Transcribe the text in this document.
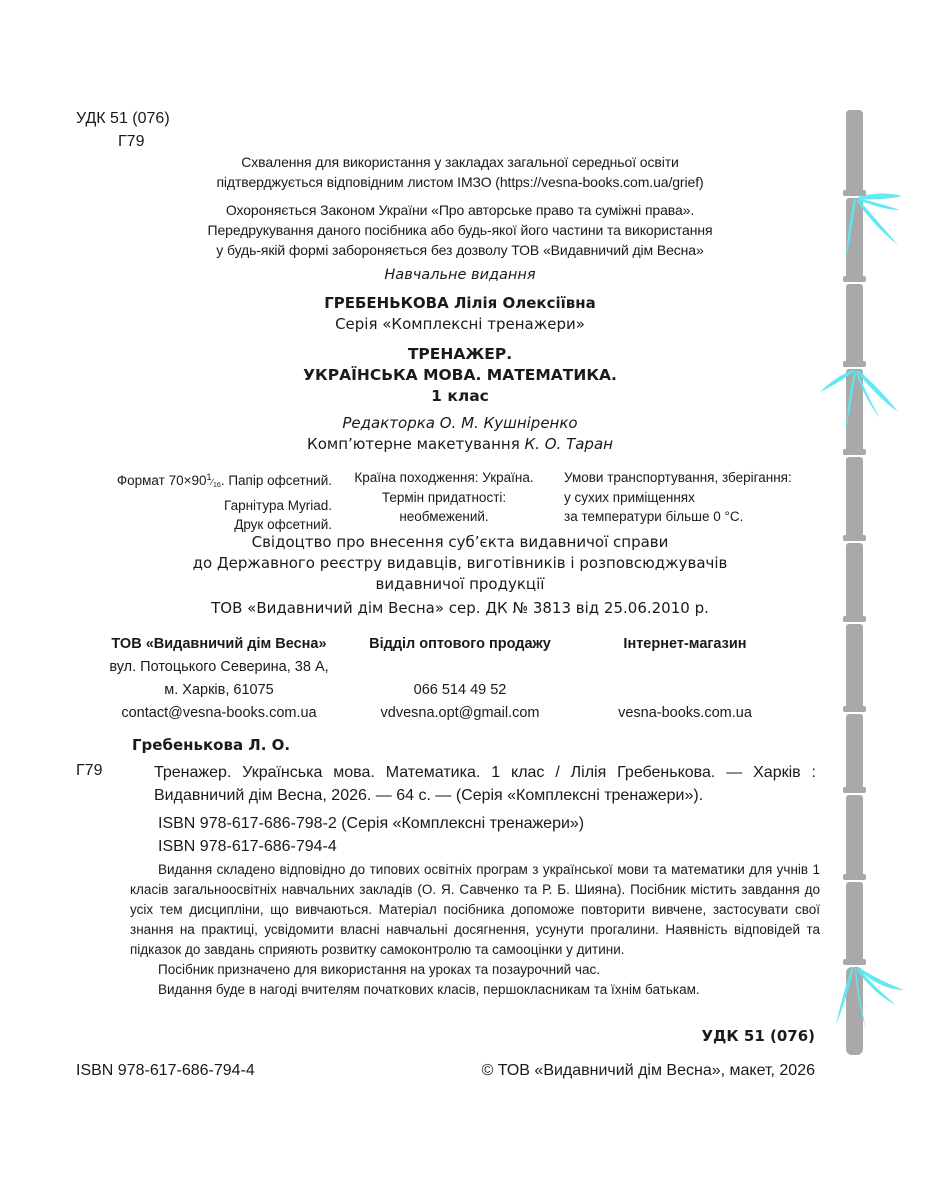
УДК 51 (076)
Г79
Схвалення для використання у закладах загальної середньої освіти
підтверджується відповідним листом ІМЗО (https://vesna-books.com.ua/grief)
Охороняється Законом України «Про авторське право та суміжні права».
Передрукування даного посібника або будь-якої його частини та використання
у будь-якій формі забороняється без дозволу ТОВ «Видавничий дім Весна»
Навчальне видання
ГРЕБЕНЬКОВА Лілія Олексіївна
Серія «Комплексні тренажери»
ТРЕНАЖЕР.
УКРАЇНСЬКА МОВА. МАТЕМАТИКА.
1 клас
Редакторка О. М. Кушніренко
Комп’ютерне макетування К. О. Таран
Формат $70\times 90^1⁄_{16}$. Папір офсетний.
Гарнітура Myriad.
Друк офсетний.
Країна походження: Україна.
Термін придатності:
необмежений.
Умови транспортування, зберігання:
у сухих приміщеннях
за температури більше 0 °С.
Свідоцтво про внесення суб’єкта видавничої справи
до Державного реєстру видавців, виготівників і розповсюджувачів
видавничої продукції
ТОВ «Видавничий дім Весна» сер. ДК № 3813 від 25.06.2010 р.
ТОВ «Видавничий дім Весна»
вул. Потоцького Северина, 38 А,
м. Харків, 61075
contact@vesna-books.com.ua
Відділ оптового продажу

066 514 49 52
vdvesna.opt@gmail.com
Інтернет-магазин

vesna-books.com.ua
Гребенькова Л. О.
Г79	Тренажер. Українська мова. Математика. 1 клас / Лілія Гребенькова. — Харків : Видавничий дім Весна, 2026. — 64 с. — (Серія «Комплексні тренажери»).
ISBN 978-617-686-798-2 (Серія «Комплексні тренажери»)
ISBN 978-617-686-794-4

Видання складено відповідно до типових освітніх програм з української мови та математики для учнів 1 класів загальноосвітніх навчальних закладів (О. Я. Савченко та Р. Б. Шияна). Посібник містить завдання до усіх тем дисципліни, що вивчаються. Матеріал посібника допоможе повторити вивчене, застосувати свої знання на практиці, усвідомити власні навчальні досягнення, усунути прогалини. Наявність відповідей та підказок до завдань сприяють розвитку самоконтролю та самооцінки у дитини.

Посібник призначено для використання на уроках та позаурочний час.

Видання буде в нагоді вчителям початкових класів, першокласникам та їхнім батькам.

УДК 51 (076)
ISBN 978-617-686-794-4	© ТОВ «Видавничий дім Весна», макет, 2026
